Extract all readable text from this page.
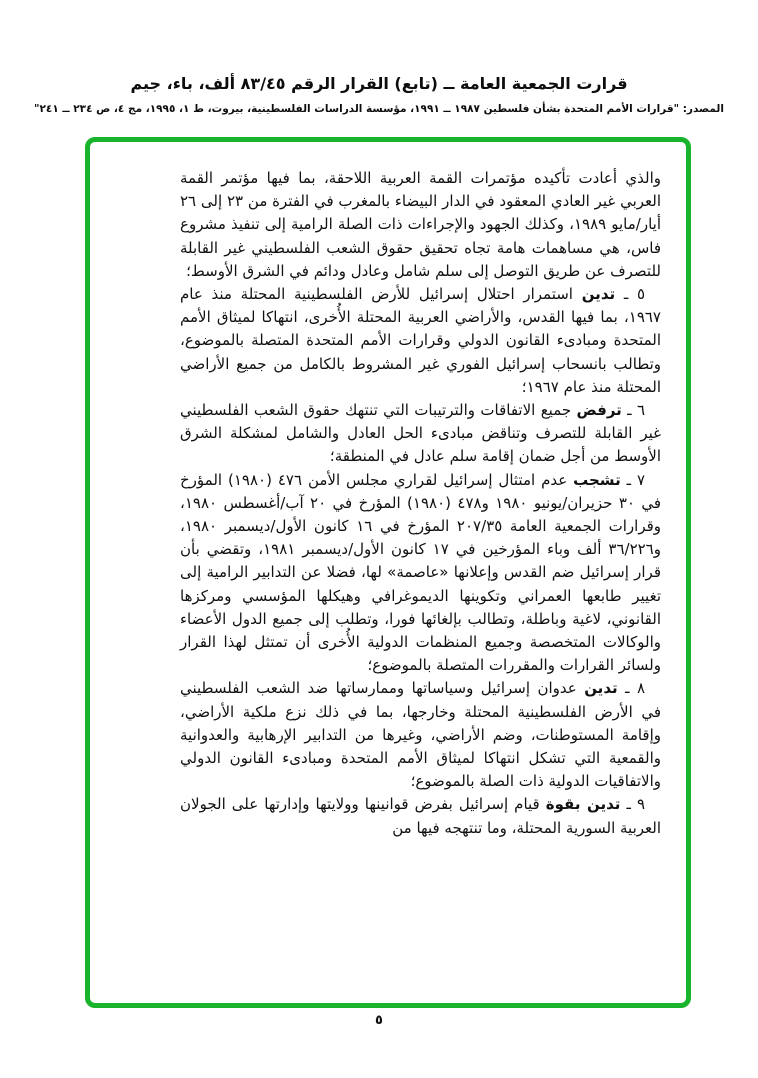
قرارت الجمعية العامة ــ (تابع) القرار الرقم ٨٣/٤٥ ألف، باء، جيم
المصدر: "قرارات الأمم المتحدة بشأن فلسطين ١٩٨٧ ــ ١٩٩١، مؤسسة الدراسات الفلسطينية، بيروت، ط ١، ١٩٩٥، مج ٤، ص ٢٣٤ ــ ٢٤١"

والذي أعادت تأكيده مؤتمرات القمة العربية اللاحقة، بما فيها مؤتمر القمة العربي غير العادي المعقود في الدار البيضاء بالمغرب في الفترة من ٢٣ إلى ٢٦ أيار/مايو ١٩٨٩، وكذلك الجهود والإجراءات ذات الصلة الرامية إلى تنفيذ مشروع فاس، هي مساهمات هامة تجاه تحقيق حقوق الشعب الفلسطيني غير القابلة للتصرف عن طريق التوصل إلى سلم شامل وعادل ودائم في الشرق الأوسط؛

٥ ـ تدين استمرار احتلال إسرائيل للأرض الفلسطينية المحتلة منذ عام ١٩٦٧، بما فيها القدس، والأراضي العربية المحتلة الأُخرى، انتهاكا لميثاق الأمم المتحدة ومبادىء القانون الدولي وقرارات الأمم المتحدة المتصلة بالموضوع، وتطالب بانسحاب إسرائيل الفوري غير المشروط بالكامل من جميع الأراضي المحتلة منذ عام ١٩٦٧؛

٦ ـ ترفض جميع الاتفاقات والترتيبات التي تنتهك حقوق الشعب الفلسطيني غير القابلة للتصرف وتناقض مبادىء الحل العادل والشامل لمشكلة الشرق الأوسط من أجل ضمان إقامة سلم عادل في المنطقة؛

٧ ـ تشجب عدم امتثال إسرائيل لقراري مجلس الأمن ٤٧٦ (١٩٨٠) المؤرخ في ٣٠ حزيران/يونيو ١٩٨٠ و٤٧٨ (١٩٨٠) المؤرخ في ٢٠ آب/أغسطس ١٩٨٠، وقرارات الجمعية العامة ٢٠٧/٣٥ المؤرخ في ١٦ كانون الأول/ديسمبر ١٩٨٠، و٣٦/٢٢٦ ألف وباء المؤرخين في ١٧ كانون الأول/ديسمبر ١٩٨١، وتقضي بأن قرار إسرائيل ضم القدس وإعلانها «عاصمة» لها، فضلا عن التدابير الرامية إلى تغيير طابعها العمراني وتكوينها الديموغرافي وهيكلها المؤسسي ومركزها القانوني، لاغية وباطلة، وتطالب بإلغائها فورا، وتطلب إلى جميع الدول الأعضاء والوكالات المتخصصة وجميع المنظمات الدولية الأُخرى أن تمتثل لهذا القرار ولسائر القرارات والمقررات المتصلة بالموضوع؛

٨ ـ تدين عدوان إسرائيل وسياساتها وممارساتها ضد الشعب الفلسطيني في الأرض الفلسطينية المحتلة وخارجها، بما في ذلك نزع ملكية الأراضي، وإقامة المستوطنات، وضم الأراضي، وغيرها من التدابير الإرهابية والعدوانية والقمعية التي تشكل انتهاكا لميثاق الأمم المتحدة ومبادىء القانون الدولي والاتفاقيات الدولية ذات الصلة بالموضوع؛

٩ ـ تدين بقوة قيام إسرائيل بفرض قوانينها وولايتها وإدارتها على الجولان العربية السورية المحتلة، وما تنتهجه فيها من

٥
